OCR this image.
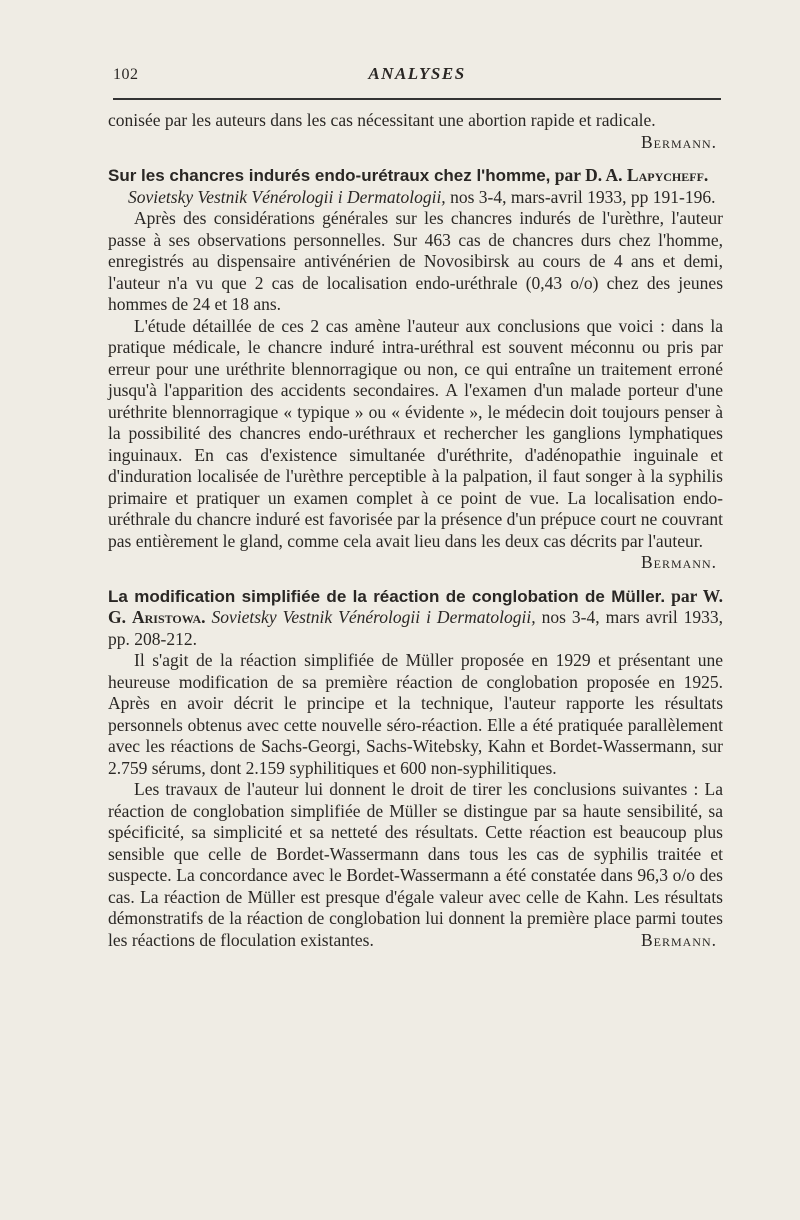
102	ANALYSES

conisée par les auteurs dans les cas nécessitant une abortion rapide et radicale.
Bermann.

Sur les chancres indurés endo-urétraux chez l'homme, par D. A. Lapycheff.
Sovietsky Vestnik Vénérologii i Dermatologii, nos 3-4, mars-avril 1933, pp 191-196.

Après des considérations générales sur les chancres indurés de l'urèthre, l'auteur passe à ses observations personnelles. Sur 463 cas de chancres durs chez l'homme, enregistrés au dispensaire antivénérien de Novosibirsk au cours de 4 ans et demi, l'auteur n'a vu que 2 cas de localisation endo-uréthrale (0,43 o/o) chez des jeunes hommes de 24 et 18 ans.

L'étude détaillée de ces 2 cas amène l'auteur aux conclusions que voici : dans la pratique médicale, le chancre induré intra-uréthral est souvent méconnu ou pris par erreur pour une uréthrite blennorragique ou non, ce qui entraîne un traitement erroné jusqu'à l'apparition des accidents secondaires. A l'examen d'un malade porteur d'une uréthrite blennorragique « typique » ou « évidente », le médecin doit toujours penser à la possibilité des chancres endo-uréthraux et rechercher les ganglions lymphatiques inguinaux. En cas d'existence simultanée d'uréthrite, d'adénopathie inguinale et d'induration localisée de l'urèthre perceptible à la palpation, il faut songer à la syphilis primaire et pratiquer un examen complet à ce point de vue. La localisation endo-uréthrale du chancre induré est favorisée par la présence d'un prépuce court ne couvrant pas entièrement le gland, comme cela avait lieu dans les deux cas décrits par l'auteur.
Bermann.

La modification simplifiée de la réaction de conglobation de Müller. par W. G. Aristowa. Sovietsky Vestnik Vénérologii i Dermatologii, nos 3-4, mars avril 1933, pp. 208-212.

Il s'agit de la réaction simplifiée de Müller proposée en 1929 et présentant une heureuse modification de sa première réaction de conglobation proposée en 1925. Après en avoir décrit le principe et la technique, l'auteur rapporte les résultats personnels obtenus avec cette nouvelle séro-réaction. Elle a été pratiquée parallèlement avec les réactions de Sachs-Georgi, Sachs-Witebsky, Kahn et Bordet-Wassermann, sur 2.759 sérums, dont 2.159 syphilitiques et 600 non-syphilitiques.

Les travaux de l'auteur lui donnent le droit de tirer les conclusions suivantes : La réaction de conglobation simplifiée de Müller se distingue par sa haute sensibilité, sa spécificité, sa simplicité et sa netteté des résultats. Cette réaction est beaucoup plus sensible que celle de Bordet-Wassermann dans tous les cas de syphilis traitée et suspecte. La concordance avec le Bordet-Wassermann a été constatée dans 96,3 o/o des cas. La réaction de Müller est presque d'égale valeur avec celle de Kahn. Les résultats démonstratifs de la réaction de conglobation lui donnent la première place parmi toutes les réactions de floculation existantes.	Bermann.
